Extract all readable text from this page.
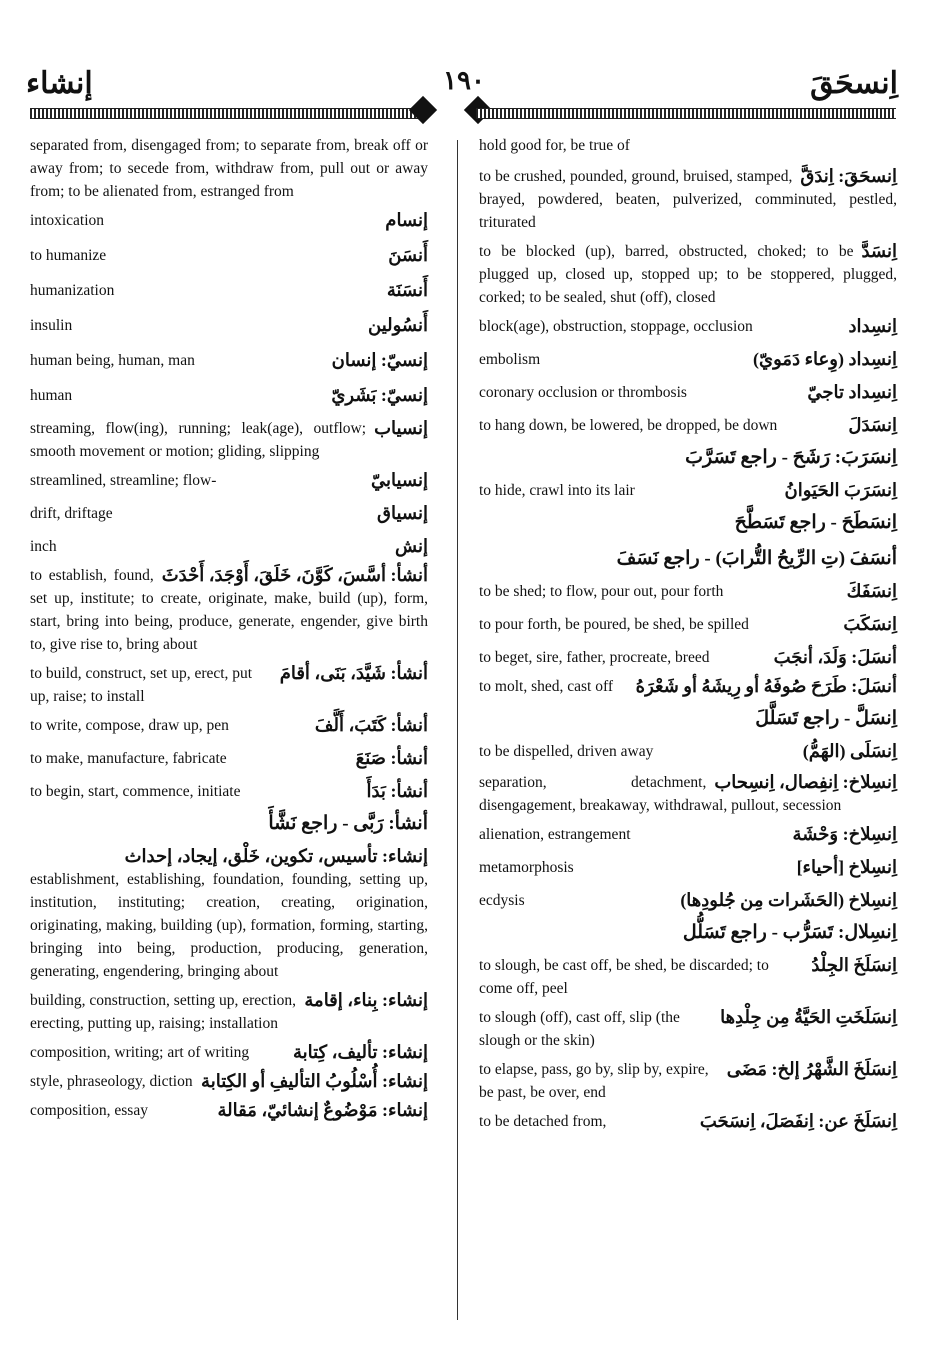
إنشاء	١٩٠	اِنسحَقَ
separated from, disengaged from; to separate from, break off or away from; to secede from, withdraw from, pull out or away from; to be alienated from, estranged from
إنسام
intoxication
أَنسَنَ
to humanize
أَنسَنَة
humanization
أَنسُولين
insulin
إنسيّ: إنسان
human being, human, man
إنسيّ: بَشَريّ
human
إنسياب
streaming, flow(ing), running; leak(age), outflow; smooth movement or motion; gliding, slipping
إنسيابيّ
streamlined, streamline; flow-
إنسياق
drift, driftage
إنش
inch
أنشأ: أسَّسَ، كَوَّنَ، خَلَقَ، أَوْجَدَ، أَحْدَثَ
to establish, found, set up, institute; to create, originate, make, build (up), form, start, bring into being, produce, generate, engender, give birth to, give rise to, bring about
أنشأ: شَيَّدَ، بَنَى، أقامَ
to build, construct, set up, erect, put up, raise; to install
أنشأ: كَتَبَ، أَلَّفَ
to write, compose, draw up, pen
أنشأ: صَنَعَ
to make, manufacture, fabricate
أنشأ: بَدَأَ
to begin, start, commence, initiate
أنشأ: رَبَّى - راجع نَشَّأَ
إنشاء: تأسيس، تكوين، خَلْق، إيجاد، إحداث
establishment, establishing, foundation, founding, setting up, institution, instituting; creation, creating, origination, originating, making, building (up), formation, forming, starting, bringing into being, production, producing, generation, generating, engendering, bringing about
إنشاء: بِناء، إقامة
building, construction, setting up, erection, erecting, putting up, raising; installation
إنشاء: تأليف، كِتابة
composition, writing; art of writing
إنشاء: أُسْلُوبُ التأليفِ أو الكِتابة
style, phraseology, diction
إنشاء: مَوْضُوعٌ إنشائيّ، مَقالة
composition, essay
hold good for, be true of
اِنسحَقَ: اِندَقَّ
to be crushed, pounded, ground, bruised, stamped, brayed, powdered, beaten, pulverized, comminuted, pestled, triturated
اِنسَدَّ
to be blocked (up), barred, obstructed, choked; to be plugged up, closed up, stopped up; to be stoppered, plugged, corked; to be sealed, shut (off), closed
اِنسِداد
block(age), obstruction, stoppage, occlusion
اِنسِداد (وِعاء دَمَويّ)
embolism
اِنسِداد تاجيّ
coronary occlusion or thrombosis
اِنسَدَلَ
to hang down, be lowered, be dropped, be down
اِنسَرَبَ: رَشَحَ - راجع تَسَرَّبَ
اِنسَرَبَ الحَيَوانُ
to hide, crawl into its lair
اِنسَطَحَ - راجع تَسَطَّحَ
أنسَفَ (تِ الرِّيحُ التُّرابَ) - راجع نَسَفَ
اِنسَفَكَ
to be shed; to flow, pour out, pour forth
اِنسَكَبَ
to pour forth, be poured, be shed, be spilled
أنسَلَ: وَلَدَ، أنجَبَ
to beget, sire, father, procreate, breed
أنسَلَ: طَرَحَ صُوفَهُ أو رِيشَهُ أو شَعْرَهُ
to molt, shed, cast off
اِنسَلَّ - راجع تَسَلَّلَ
اِنسَلَى (الهَمُّ)
to be dispelled, driven away
اِنسِلاخ: اِنفِصال، اِنسِحاب
separation, detachment, disengagement, breakaway, withdrawal, pullout, secession
اِنسِلاخ: وَحْشَة
alienation, estrangement
اِنسِلاخ [أحياء]
metamorphosis
اِنسِلاخ (الحَشَرات مِن جُلودِها)
ecdysis
اِنسِلال: تَسَرُّب - راجع تَسَلُّل
اِنسَلَخَ الجِلْدُ
to slough, be cast off, be shed, be discarded; to come off, peel
اِنسَلَخَتِ الحَيَّةُ مِن جِلْدِها
to slough (off), cast off, slip (the slough or the skin)
اِنسَلَخَ الشَّهْرُ إلخ: مَضَى
to elapse, pass, go by, slip by, expire, be past, be over, end
اِنسَلَخَ عن: اِنفَصَلَ، اِنسَحَبَ
to be detached from,
